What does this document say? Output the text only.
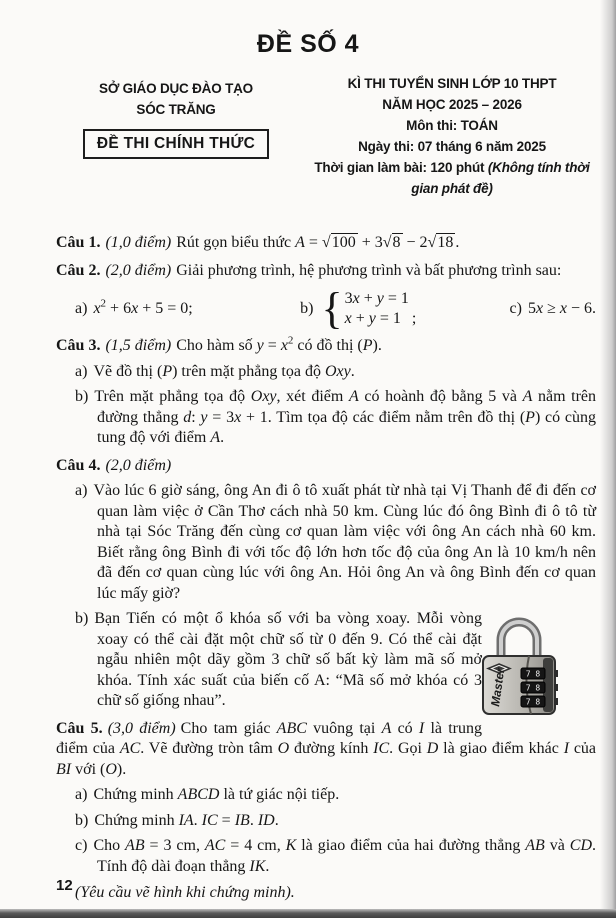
ĐỀ SỐ 4
SỞ GIÁO DỤC ĐÀO TẠO
SÓC TRĂNG
ĐỀ THI CHÍNH THỨC
KÌ THI TUYỂN SINH LỚP 10 THPT
NĂM HỌC 2025 – 2026
Môn thi: TOÁN
Ngày thi: 07 tháng 6 năm 2025
Thời gian làm bài: 120 phút (Không tính thời gian phát đề)
Câu 1. (1,0 điểm) Rút gọn biểu thức A = √100 + 3√8 − 2√18 .
Câu 2. (2,0 điểm) Giải phương trình, hệ phương trình và bất phương trình sau:
a) $x^2 + 6x + 5 = 0$;	b) { 3x + y = 1
x + y = 1 ;
c) 5x ≥ x − 6.
Câu 3. (1,5 điểm) Cho hàm số $y = x^2$ có đồ thị (P).
a) Vẽ đồ thị (P) trên mặt phẳng tọa độ Oxy.
b) Trên mặt phẳng tọa độ Oxy, xét điểm A có hoành độ bằng 5 và A nằm trên đường thẳng d: y = 3x + 1. Tìm tọa độ các điểm nằm trên đồ thị (P) có cùng tung độ với điểm A.
Câu 4. (2,0 điểm)
a) Vào lúc 6 giờ sáng, ông An đi ô tô xuất phát từ nhà tại Vị Thanh để đi đến cơ quan làm việc ở Cần Thơ cách nhà 50 km. Cùng lúc đó ông Bình đi ô tô từ nhà tại Sóc Trăng đến cùng cơ quan làm việc với ông An cách nhà 60 km. Biết rằng ông Bình đi với tốc độ lớn hơn tốc độ của ông An là 10 km/h nên đã đến cơ quan cùng lúc với ông An. Hỏi ông An và ông Bình đến cơ quan lúc mấy giờ?
Master 7 8
7 8
7 8
b) Bạn Tiến có một ổ khóa số với ba vòng xoay. Mỗi vòng xoay có thể cài đặt một chữ số từ 0 đến 9. Có thể cài đặt ngẫu nhiên một dãy gồm 3 chữ số bất kỳ làm mã số mở khóa. Tính xác suất của biến cố A: “Mã số mở khóa có 3 chữ số giống nhau”.
Câu 5. (3,0 điểm) Cho tam giác ABC vuông tại A có I là trung điểm của AC. Vẽ đường tròn tâm O đường kính IC. Gọi D là giao điểm khác I của BI với (O).
a) Chứng minh ABCD là tứ giác nội tiếp.
b) Chứng minh IA. IC = IB. ID.
c) Cho AB = 3 cm, AC = 4 cm, K là giao điểm của hai đường thẳng AB và CD. Tính độ dài đoạn thẳng IK.
(Yêu cầu vẽ hình khi chứng minh).
12
